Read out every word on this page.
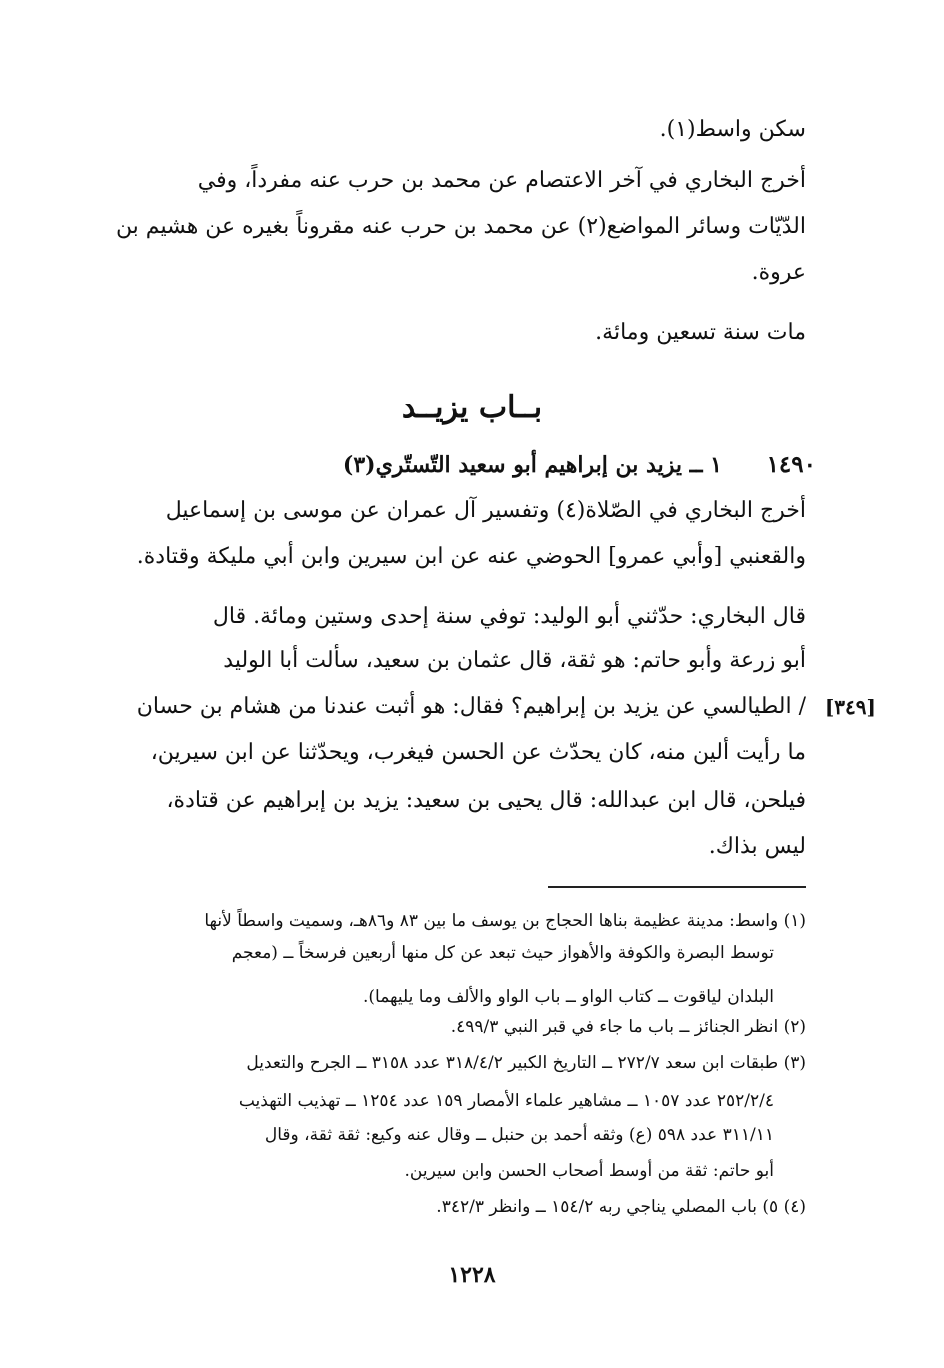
سكن واسط(١).
أخرج البخاري في آخر الاعتصام عن محمد بن حرب عنه مفرداً، وفي
الدّيّات وسائر المواضع(٢) عن محمد بن حرب عنه مقروناً بغيره عن هشيم بن
عروة.
مات سنة تسعين ومائة.
بــاب يزيــد
١٤٩٠
١ ــ يزيد بن إبراهيم أبو سعيد التّستّري(٣)
أخرج البخاري في الصّلاة(٤) وتفسير آل عمران عن موسى بن إسماعيل
والقعنبي [وأبي عمرو] الحوضي عنه عن ابن سيرين وابن أبي مليكة وقتادة.
قال البخاري: حدّثني أبو الوليد: توفي سنة إحدى وستين ومائة. قال
أبو زرعة وأبو حاتم: هو ثقة، قال عثمان بن سعيد، سألت أبا الوليد
[٣٤٩]
/ الطيالسي عن يزيد بن إبراهيم؟ فقال: هو أثبت عندنا من هشام بن حسان
ما رأيت ألين منه، كان يحدّث عن الحسن فيغرب، ويحدّثنا عن ابن سيرين،
فيلحن، قال ابن عبدالله: قال يحيى بن سعيد: يزيد بن إبراهيم عن قتادة،
ليس بذاك.
(١) واسط: مدينة عظيمة بناها الحجاج بن يوسف ما بين ٨٣ و٨٦هـ، وسميت واسطاً لأنها
توسط البصرة والكوفة والأهواز حيث تبعد عن كل منها أربعين فرسخاً ــ (معجم
البلدان لياقوت ــ كتاب الواو ــ باب الواو والألف وما يليهما).
(٢) انظر الجنائز ــ باب ما جاء في قبر النبي ٤٩٩/٣.
(٣) طبقات ابن سعد ٢٧٢/٧ ــ التاريخ الكبير ٣١٨/٤/٢ عدد ٣١٥٨ ــ الجرح والتعديل
٢٥٢/٢/٤ عدد ١٠٥٧ ــ مشاهير علماء الأمصار ١٥٩ عدد ١٢٥٤ ــ تهذيب التهذيب
٣١١/١١ عدد ٥٩٨ (ع) وثقه أحمد بن حنبل ــ وقال عنه وكيع: ثقة ثقة، وقال
أبو حاتم: ثقة من أوسط أصحاب الحسن وابن سيرين.
(٤) ٥) باب المصلي يناجي ربه ١٥٤/٢ ــ وانظر ٣٤٢/٣.
١٢٢٨
